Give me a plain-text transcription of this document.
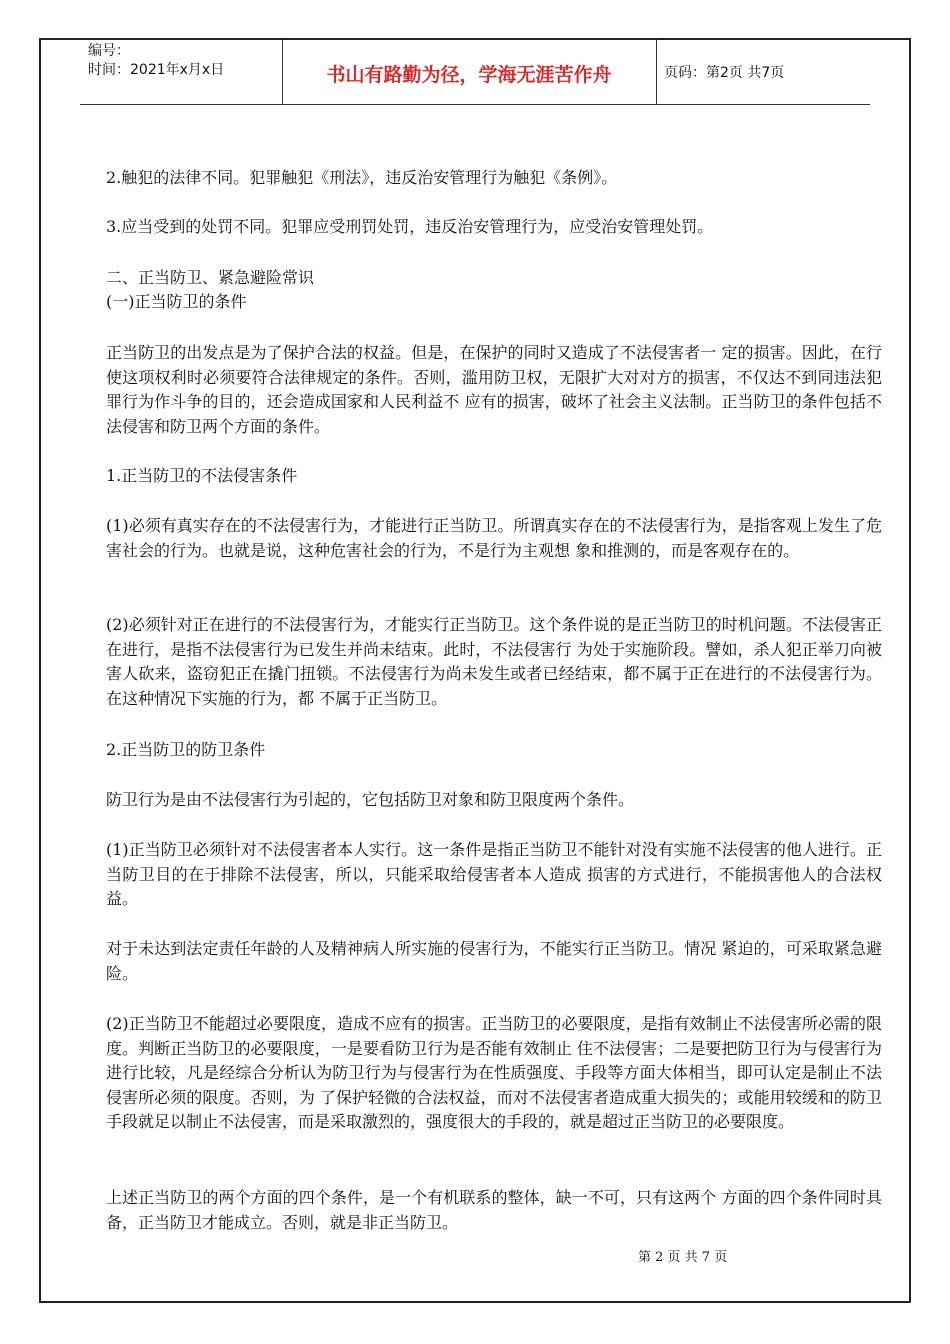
编号：
时间：2021年x月x日	书山有路勤为径，学海无涯苦作舟	页码：第2页 共7页

2.触犯的法律不同。犯罪触犯《刑法》，违反治安管理行为触犯《条例》。

3.应当受到的处罚不同。犯罪应受刑罚处罚，违反治安管理行为，应受治安管理处罚。

二、正当防卫、紧急避险常识

(一)正当防卫的条件

正当防卫的出发点是为了保护合法的权益。但是，在保护的同时又造成了不法侵害者一 定的损害。因此，在行使这项权利时必须要符合法律规定的条件。否则，滥用防卫权，无限扩大对对方的损害，不仅达不到同违法犯罪行为作斗争的目的，还会造成国家和人民利益不 应有的损害，破坏了社会主义法制。正当防卫的条件包括不法侵害和防卫两个方面的条件。

1.正当防卫的不法侵害条件

(1)必须有真实存在的不法侵害行为，才能进行正当防卫。所谓真实存在的不法侵害行为，是指客观上发生了危害社会的行为。也就是说，这种危害社会的行为，不是行为主观想 象和推测的，而是客观存在的。

(2)必须针对正在进行的不法侵害行为，才能实行正当防卫。这个条件说的是正当防卫的时机问题。不法侵害正在进行，是指不法侵害行为已发生并尚未结束。此时，不法侵害行 为处于实施阶段。譬如，杀人犯正举刀向被害人砍来，盗窃犯正在撬门扭锁。不法侵害行为尚未发生或者已经结束，都不属于正在进行的不法侵害行为。在这种情况下实施的行为，都 不属于正当防卫。

2.正当防卫的防卫条件

防卫行为是由不法侵害行为引起的，它包括防卫对象和防卫限度两个条件。

(1)正当防卫必须针对不法侵害者本人实行。这一条件是指正当防卫不能针对没有实施不法侵害的他人进行。正当防卫目的在于排除不法侵害，所以，只能采取给侵害者本人造成 损害的方式进行，不能损害他人的合法权益。

对于未达到法定责任年龄的人及精神病人所实施的侵害行为，不能实行正当防卫。情况 紧迫的，可采取紧急避险。

(2)正当防卫不能超过必要限度，造成不应有的损害。正当防卫的必要限度，是指有效制止不法侵害所必需的限度。判断正当防卫的必要限度，一是要看防卫行为是否能有效制止 住不法侵害；二是要把防卫行为与侵害行为进行比较，凡是经综合分析认为防卫行为与侵害行为在性质强度、手段等方面大体相当，即可认定是制止不法侵害所必须的限度。否则，为 了保护轻微的合法权益，而对不法侵害者造成重大损失的；或能用较缓和的防卫手段就足以制止不法侵害，而是采取激烈的，强度很大的手段的，就是超过正当防卫的必要限度。

上述正当防卫的两个方面的四个条件，是一个有机联系的整体，缺一不可，只有这两个 方面的四个条件同时具备，正当防卫才能成立。否则，就是非正当防卫。

第 2 页 共 7 页
